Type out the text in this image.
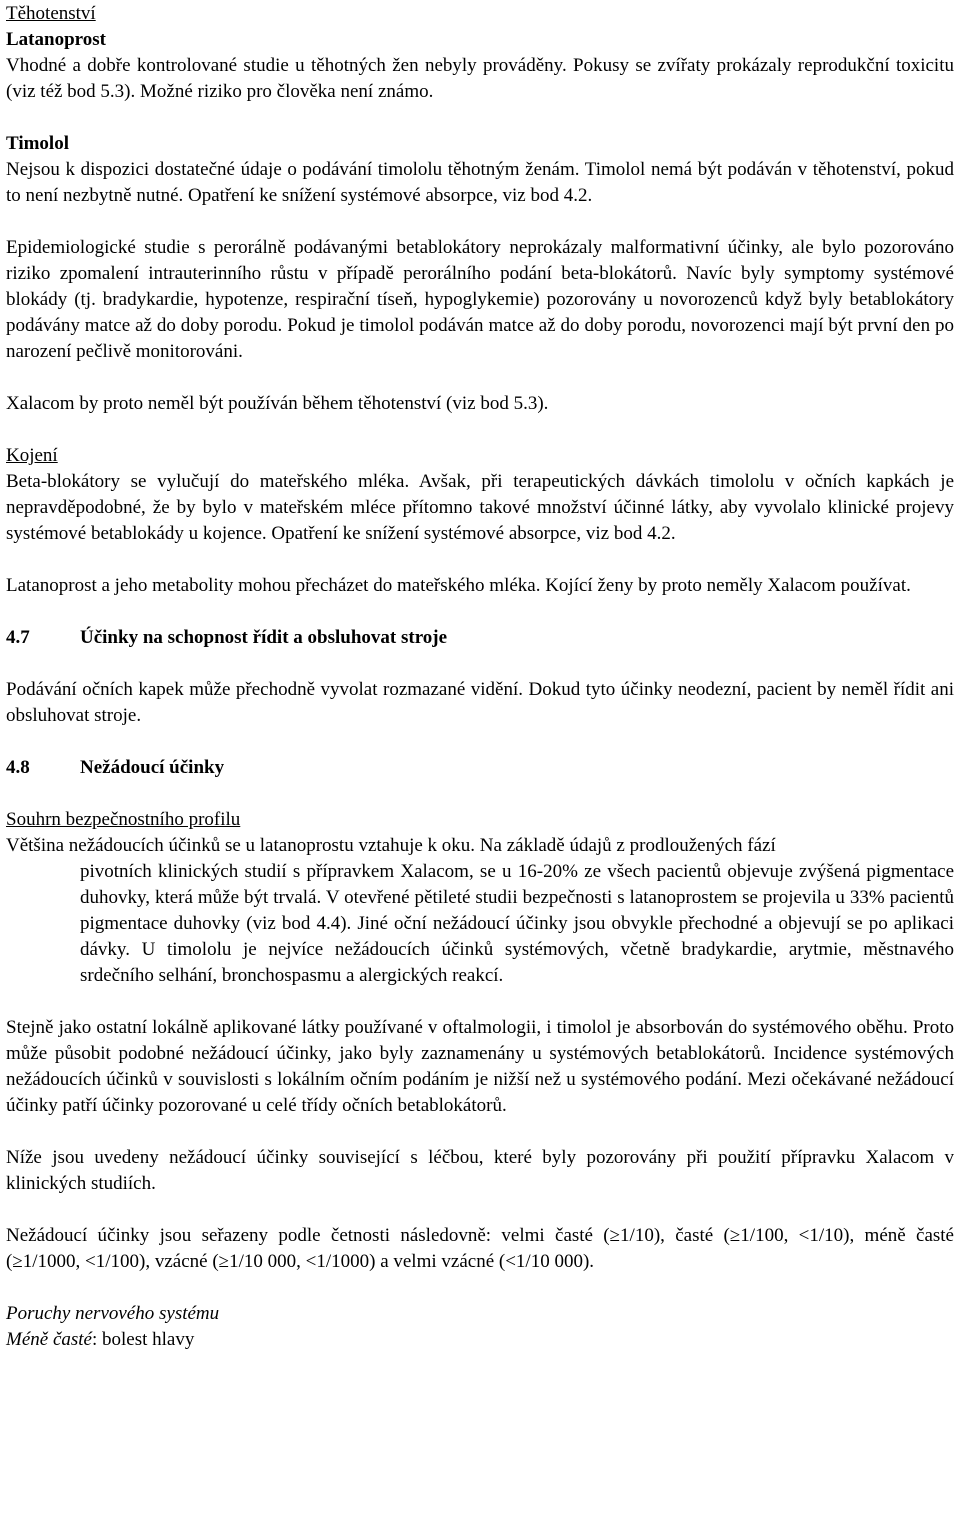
Těhotenství

Latanoprost

Vhodné a dobře kontrolované studie u těhotných žen nebyly prováděny. Pokusy se zvířaty prokázaly reprodukční toxicitu (viz též bod 5.3). Možné riziko pro člověka není známo.

Timolol

Nejsou k dispozici dostatečné údaje o podávání timololu těhotným ženám. Timolol nemá být podáván v těhotenství, pokud to není nezbytně nutné. Opatření ke snížení systémové absorpce, viz bod 4.2.

Epidemiologické studie s perorálně podávanými betablokátory neprokázaly malformativní účinky, ale bylo pozorováno riziko zpomalení intrauterinního růstu v případě perorálního podání beta-blokátorů. Navíc byly symptomy systémové blokády (tj. bradykardie, hypotenze, respirační tíseň, hypoglykemie) pozorovány u novorozenců když byly betablokátory podávány matce až do doby porodu. Pokud je timolol podáván matce až do doby porodu, novorozenci mají být první den po narození pečlivě monitorováni.

Xalacom by proto neměl být používán během těhotenství (viz bod 5.3).

Kojení

Beta-blokátory se vylučují do mateřského mléka. Avšak, při terapeutických dávkách timololu v očních kapkách je nepravděpodobné, že by bylo v mateřském mléce přítomno takové množství účinné látky, aby vyvolalo klinické projevy systémové betablokády u kojence. Opatření ke snížení systémové absorpce, viz bod 4.2.

Latanoprost a jeho metabolity mohou přecházet do mateřského mléka. Kojící ženy by proto neměly Xalacom používat.

4.7	Účinky na schopnost řídit a obsluhovat stroje

Podávání očních kapek může přechodně vyvolat rozmazané vidění. Dokud tyto účinky neodezní, pacient by neměl řídit ani obsluhovat stroje.

4.8	Nežádoucí účinky

Souhrn bezpečnostního profilu

Většina nežádoucích účinků se u latanoprostu vztahuje k oku. Na základě údajů z prodloužených fází
pivotních klinických studií s přípravkem Xalacom, se u 16-20% ze všech pacientů objevuje zvýšená pigmentace duhovky, která může být trvalá. V otevřené pětileté studii bezpečnosti s latanoprostem se projevila u 33% pacientů pigmentace duhovky (viz bod 4.4). Jiné oční nežádoucí účinky jsou obvykle přechodné a objevují se po aplikaci dávky. U timololu je nejvíce nežádoucích účinků systémových, včetně bradykardie, arytmie, městnavého srdečního selhání, bronchospasmu a alergických reakcí.

Stejně jako ostatní lokálně aplikované látky používané v oftalmologii, i timolol je absorbován do systémového oběhu. Proto může působit podobné nežádoucí účinky, jako byly zaznamenány u systémových betablokátorů. Incidence systémových nežádoucích účinků v souvislosti s lokálním očním podáním je nižší než u systémového podání. Mezi očekávané nežádoucí účinky patří účinky pozorované u celé třídy očních betablokátorů.

Níže jsou uvedeny nežádoucí účinky související s léčbou, které byly pozorovány při použití přípravku Xalacom v klinických studiích.

Nežádoucí účinky jsou seřazeny podle četnosti následovně: velmi časté (≥1/10), časté (≥1/100, <1/10), méně časté (≥1/1000, <1/100), vzácné (≥1/10 000, <1/1000) a velmi vzácné (<1/10 000).

Poruchy nervového systému

Méně časté: bolest hlavy
